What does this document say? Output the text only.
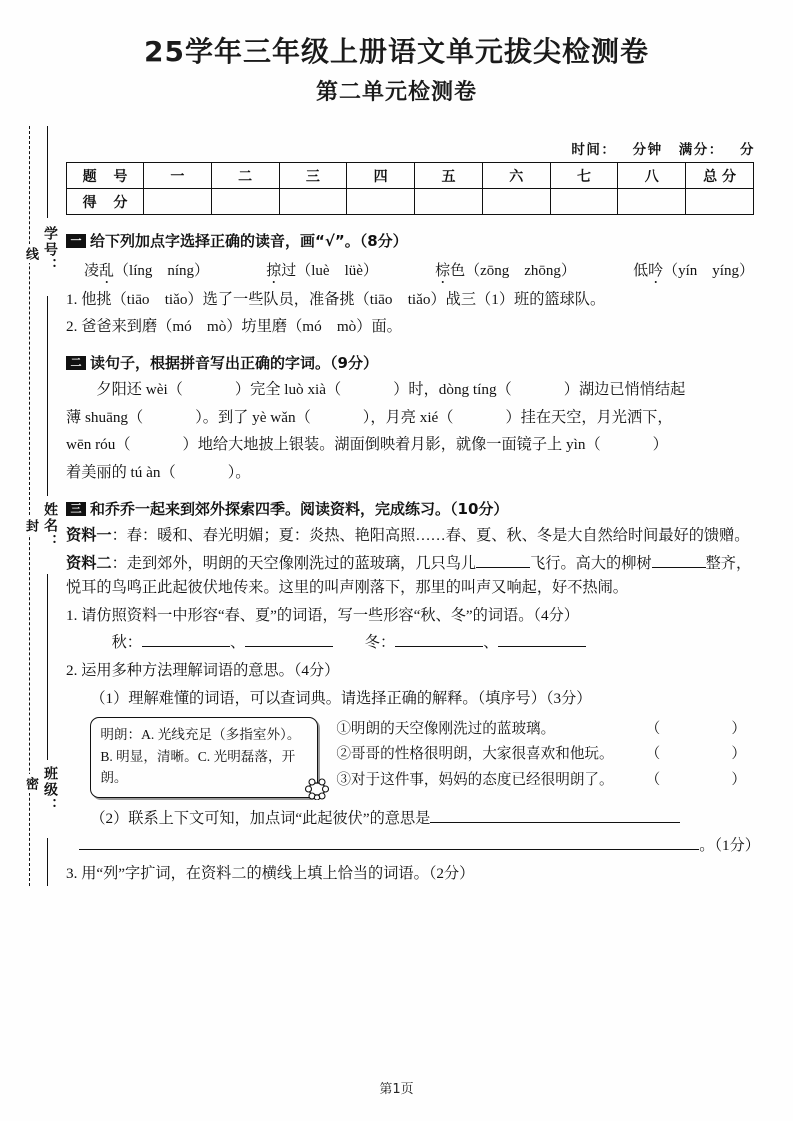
25学年三年级上册语文单元拔尖检测卷
第二单元检测卷
时间： 分钟 满分： 分
题 号	一	二	三	四	五	六	七	八	总 分
得 分									
线
封
密
学号：
姓名：
班级：
一 给下列加点字选择正确的读音，画“√”。（8分）
凌乱（líng　níng）	掠过（luè　lüè）	棕色（zōng　zhōng）	低吟（yín　yíng）
1. 他挑（tiāo　tiǎo）选了一些队员，准备挑（tiāo　tiǎo）战三（1）班的篮球队。
2. 爸爸来到磨（mó　mò）坊里磨（mó　mò）面。
二 读句子，根据拼音写出正确的字词。（9分）
夕阳还 wèi（	）完全 luò xià（	）时，dòng tíng（	）湖边已悄悄结起
薄 shuāng（	）。到了 yè wǎn（	），月亮 xié（	）挂在天空，月光洒下，
wēn róu（	）地给大地披上银装。湖面倒映着月影，就像一面镜子上 yìn（	）
着美丽的 tú àn（	）。
三 和乔乔一起来到郊外探索四季。阅读资料，完成练习。（10分）
资料一：春：暖和、春光明媚；夏：炎热、艳阳高照……春、夏、秋、冬是大自然给时间最好的馈赠。
资料二：走到郊外，明朗的天空像刚洗过的蓝玻璃，几只鸟儿	飞行。高大的柳树	整齐，悦耳的鸟鸣正此起彼伏地传来。这里的叫声刚落下，那里的叫声又响起，好不热闹。
1. 请仿照资料一中形容“春、夏”的词语，写一些形容“秋、冬”的词语。（4分）
秋：	、	冬：	、
2. 运用多种方法理解词语的意思。（4分）
（1）理解难懂的词语，可以查词典。请选择正确的解释。（填序号）（3分）
明朗：A. 光线充足（多指室外）。B. 明显，清晰。C. 光明磊落，开朗。
①明朗的天空像刚洗过的蓝玻璃。	（　　）
②哥哥的性格很明朗，大家很喜欢和他玩。 （　　）
③对于这件事，妈妈的态度已经很明朗了。 （　　）
（2）联系上下文可知，加点词“此起彼伏”的意思是
。（1分）
3. 用“列”字扩词，在资料二的横线上填上恰当的词语。（2分）
第1页
